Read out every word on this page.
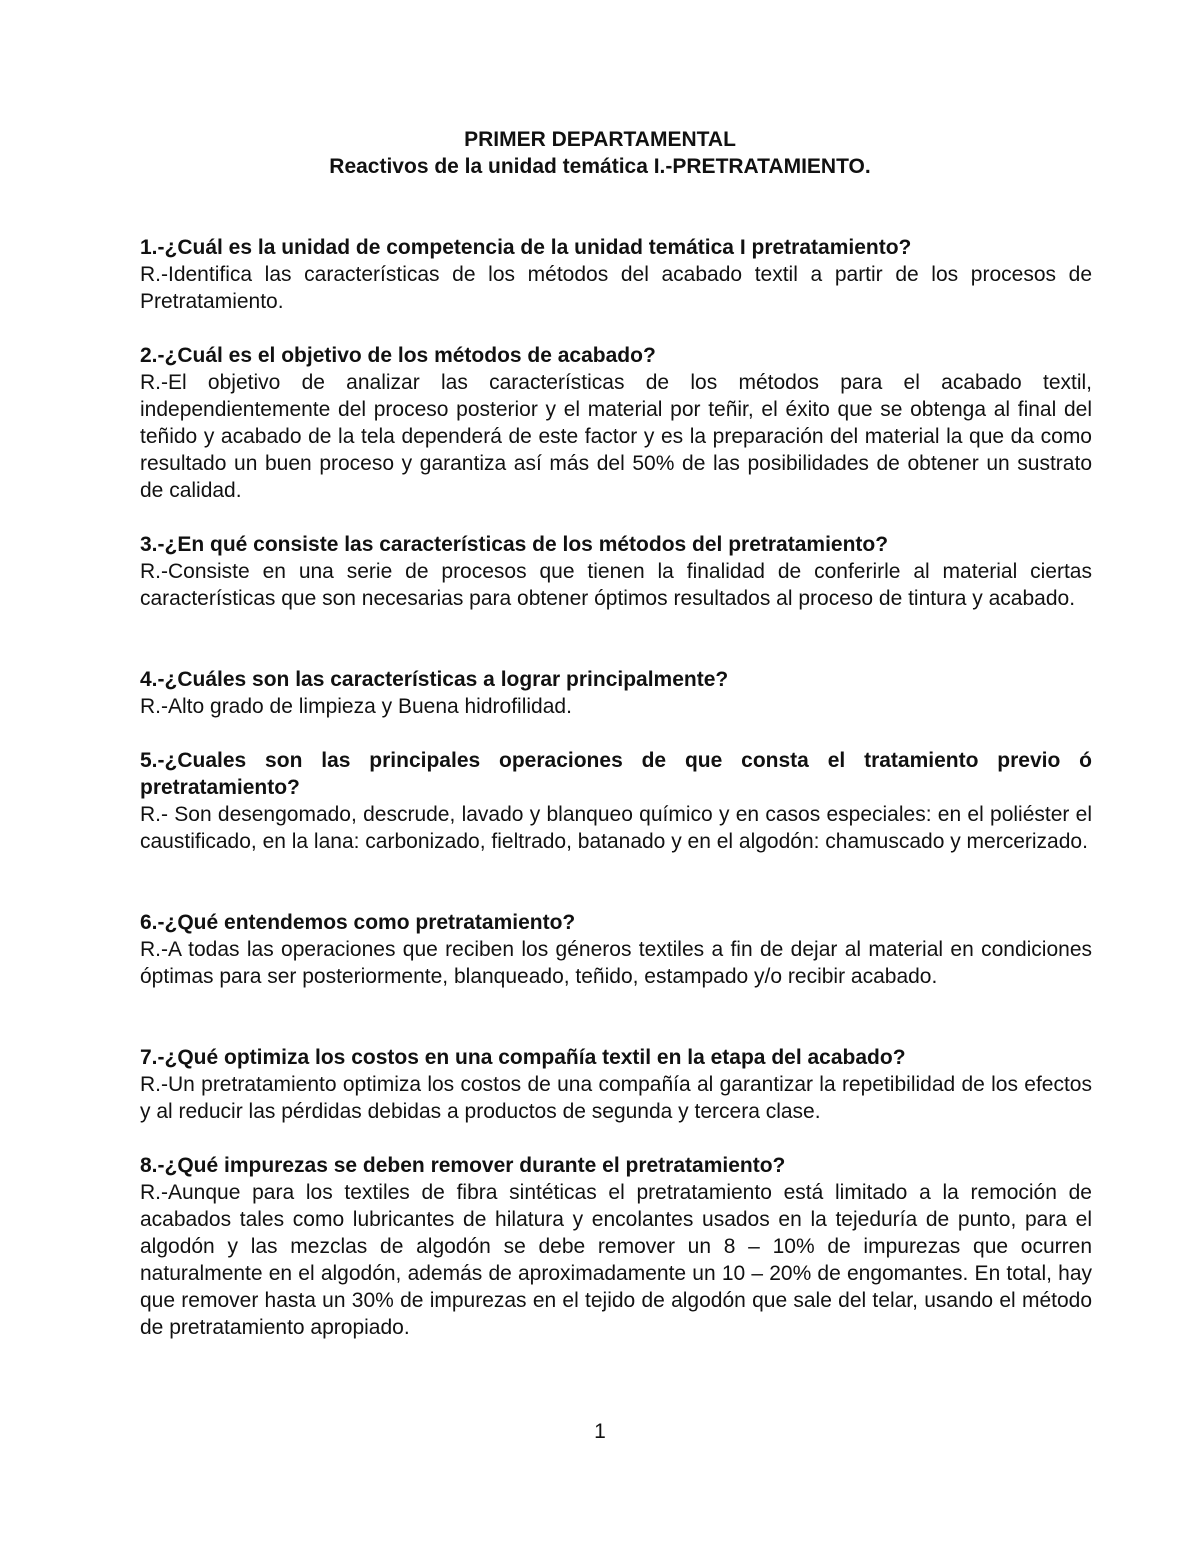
PRIMER DEPARTAMENTAL
Reactivos de la unidad temática I.-PRETRATAMIENTO.
1.-¿Cuál es la unidad de competencia de la unidad temática I pretratamiento?
R.-Identifica las características de los métodos del acabado textil a partir de los procesos de Pretratamiento.
2.-¿Cuál es el objetivo de los métodos de acabado?
R.-El objetivo de analizar las características de los métodos para el acabado textil, independientemente del proceso posterior y el material por teñir, el éxito que se obtenga al final del teñido y acabado de la tela dependerá de este factor y es la preparación del material la que da como resultado un buen proceso y garantiza así más del 50% de las posibilidades de obtener un sustrato de calidad.
3.-¿En qué consiste las características de los métodos del pretratamiento?
R.-Consiste en una serie de procesos que tienen la finalidad de conferirle al material ciertas características que son necesarias para obtener óptimos resultados al proceso de tintura y acabado.
4.-¿Cuáles son las características a lograr principalmente?
R.-Alto grado de limpieza y Buena hidrofilidad.
5.-¿Cuales son las principales operaciones de que consta el tratamiento previo ó pretratamiento?
R.- Son desengomado, descrude, lavado y blanqueo químico y en casos especiales: en el poliéster el caustificado, en la lana: carbonizado, fieltrado, batanado y en el algodón: chamuscado y mercerizado.
6.-¿Qué entendemos como pretratamiento?
R.-A todas las operaciones que reciben los géneros textiles a fin de dejar al material en condiciones óptimas para ser posteriormente, blanqueado, teñido, estampado y/o recibir acabado.
7.-¿Qué optimiza los costos en una compañía textil en la etapa del acabado?
R.-Un pretratamiento optimiza los costos de una compañía al garantizar la repetibilidad de los efectos y al reducir las pérdidas debidas a productos de segunda y tercera clase.
8.-¿Qué impurezas se deben remover durante el pretratamiento?
R.-Aunque para los textiles de fibra sintéticas el pretratamiento está limitado a la remoción de acabados tales como lubricantes de hilatura y encolantes usados en la tejeduría de punto, para el algodón y las mezclas de algodón se debe remover un 8 – 10% de impurezas que ocurren naturalmente en el algodón, además de aproximadamente un 10 – 20% de engomantes. En total, hay que remover hasta un 30% de impurezas en el tejido de algodón que sale del telar, usando el método de pretratamiento apropiado.
1
